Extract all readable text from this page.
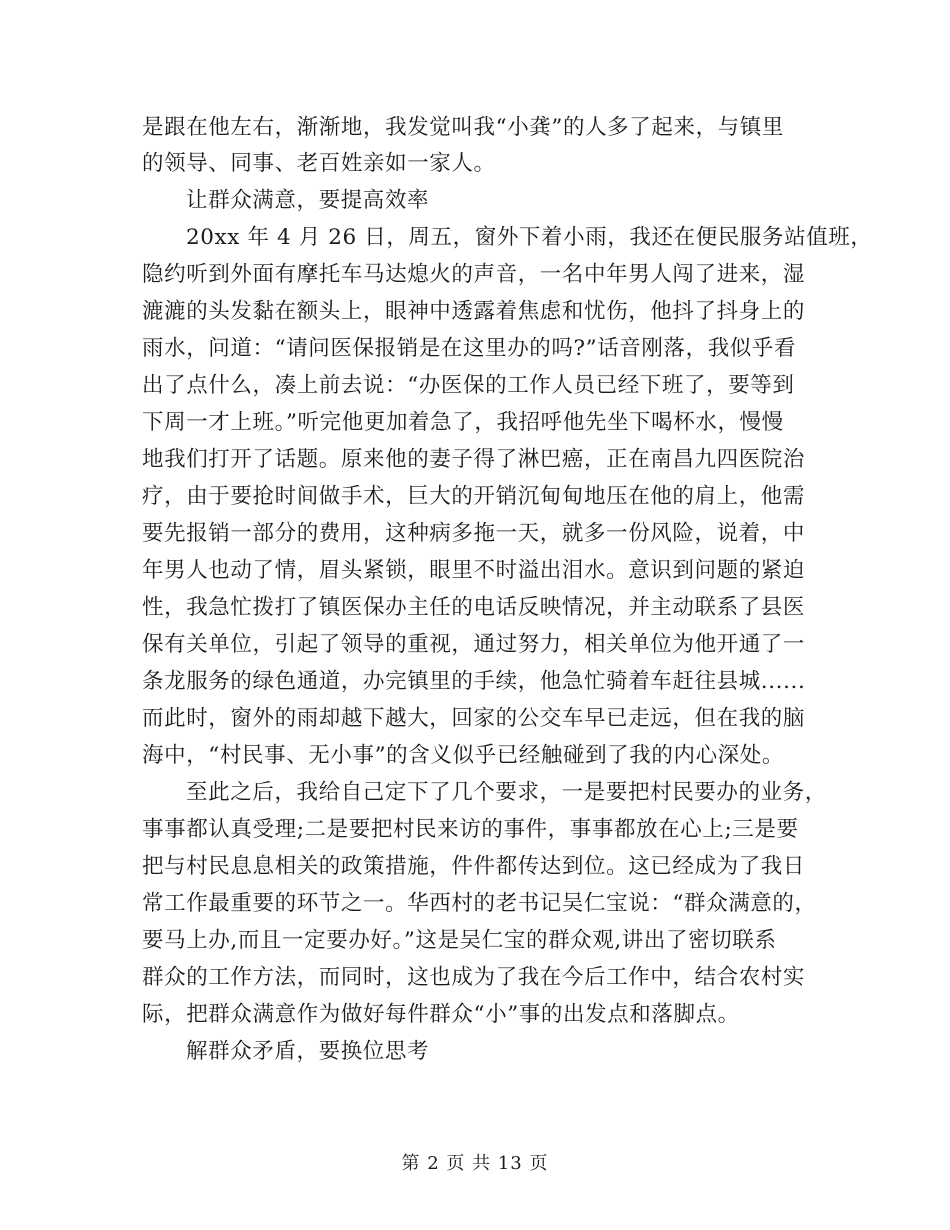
是跟在他左右，渐渐地，我发觉叫我“小龚”的人多了起来，与镇里
的领导、同事、老百姓亲如一家人。
让群众满意，要提高效率
20xx 年 4 月 26 日，周五，窗外下着小雨，我还在便民服务站值班，
隐约听到外面有摩托车马达熄火的声音，一名中年男人闯了进来，湿
漉漉的头发黏在额头上，眼神中透露着焦虑和忧伤，他抖了抖身上的
雨水，问道：“请问医保报销是在这里办的吗?”话音刚落，我似乎看
出了点什么，凑上前去说：“办医保的工作人员已经下班了，要等到
下周一才上班。”听完他更加着急了，我招呼他先坐下喝杯水，慢慢
地我们打开了话题。原来他的妻子得了淋巴癌，正在南昌九四医院治
疗，由于要抢时间做手术，巨大的开销沉甸甸地压在他的肩上，他需
要先报销一部分的费用，这种病多拖一天，就多一份风险，说着，中
年男人也动了情，眉头紧锁，眼里不时溢出泪水。意识到问题的紧迫
性，我急忙拨打了镇医保办主任的电话反映情况，并主动联系了县医
保有关单位，引起了领导的重视，通过努力，相关单位为他开通了一
条龙服务的绿色通道，办完镇里的手续，他急忙骑着车赶往县城......
而此时，窗外的雨却越下越大，回家的公交车早已走远，但在我的脑
海中，“村民事、无小事”的含义似乎已经触碰到了我的内心深处。
至此之后，我给自己定下了几个要求，一是要把村民要办的业务，
事事都认真受理;二是要把村民来访的事件，事事都放在心上;三是要
把与村民息息相关的政策措施，件件都传达到位。这已经成为了我日
常工作最重要的环节之一。华西村的老书记吴仁宝说：“群众满意的，
要马上办,而且一定要办好。”这是吴仁宝的群众观,讲出了密切联系
群众的工作方法，而同时，这也成为了我在今后工作中，结合农村实
际，把群众满意作为做好每件群众“小”事的出发点和落脚点。
解群众矛盾，要换位思考
第 2 页 共 13 页
